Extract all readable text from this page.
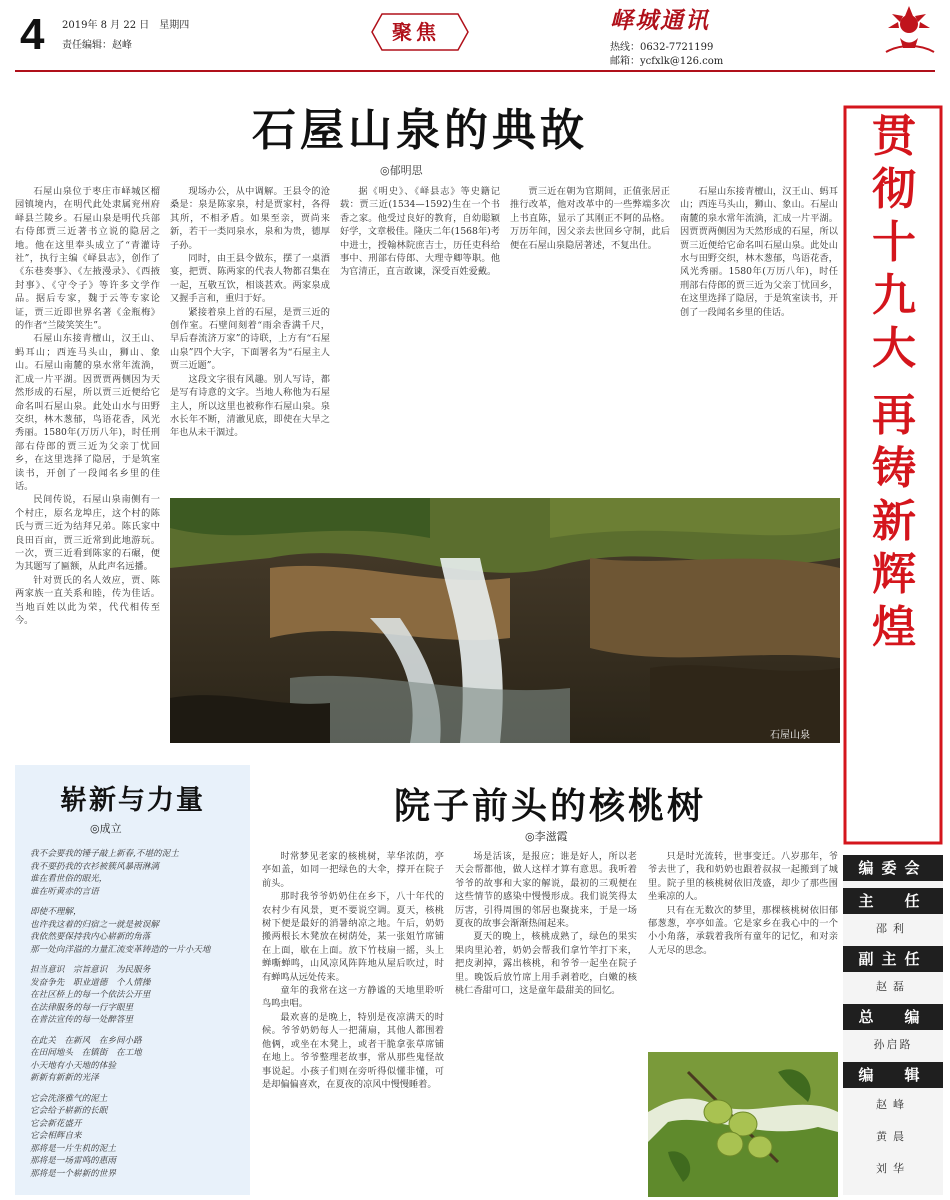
4 2019年 8 月 22 日　星期四
责任编辑：赵峰
聚焦	峄城通讯
热线：0632-7721199
邮箱：ycfxlk@126.com
石屋山泉的典故
◎郁明思

石屋山泉位于枣庄市峄城区榴园镇境内，在明代此处隶属兖州府峄县兰陵乡。石屋山泉是明代兵部右侍郎贾三近著书立说的隐居之地。他在这里奉头成立了“青灌诗社”，执行主编《峄县志》，创作了《东巷奏事》、《左掖漫录》、《西掖封事》、《守令子》等许多文学作品。据后专家，魏于云等专家论证，贾三近即世界名著《金瓶梅》的作者“兰陵笑笑生”。

石屋山东接青檀山，汉王山、蚂耳山；西连马头山，狮山、象山。石屋山南麓的泉水常年流淌，汇成一片平湖。因贾贾两侧因为天然形成的石屋，所以贾三近便给它命名叫石屋山泉。此处山水与田野交织，林木葱郁，鸟语花香，风光秀丽。1580年(万历八年)，时任刑部右侍郎的贾三近为父亲丁忧回乡，在这里选择了隐居，于是筑室读书，开创了一段闻名乡里的佳话。

民间传说，石屋山泉南侧有一个村庄，原名龙埠庄，这个村的陈氏与贾三近为结拜兄弟。陈氏家中良田百亩，贾三近常到此地游玩。一次，贾三近看到陈家的石碾，便为其题写了匾额，从此声名远播。

针对贾氏的名人效应，贾、陈两家族一直关系和睦，传为佳话。当地百姓以此为荣，代代相传至今。

现场办公，从中调解。王县令的沧桑是：泉是陈家泉，村是贾家村，各得其所，不相矛盾。如果至亲，贾尚来新，若干一类同泉水，泉和为贵，德厚子孙。

同时，由王县令做东，摆了一桌酒宴，把贾、陈两家的代表人物都召集在一起，互敬互饮，相谈甚欢。两家泉成又握手言和，重归于好。

紧接着泉上首的石屋，是贾三近的创作室。石壁间刻着“雨余香满千尺，早后春流济万家”的诗联，上方有“石屋山泉”四个大字，下面署名为“石屋主人贾三近题”。

这段文字很有风趣。别人写诗，都是写有诗意的文字。当地人称他为石屋主人，所以这里也被称作石屋山泉。泉水长年不断，清澈见底，即使在大旱之年也从未干涸过。

据《明史》、《峄县志》等史籍记载：贾三近(1534—1592)生在一个书香之家。他受过良好的教育，自幼聪颖好学，文章极佳。隆庆二年(1568年)考中进士，授翰林院庶吉士，历任吏科给事中、刑部右侍郎、大理寺卿等职。他为官清正，直言敢谏，深受百姓爱戴。

贾三近在朝为官期间，正值张居正推行改革，他对改革中的一些弊端多次上书直陈，显示了其刚正不阿的品格。万历年间，因父亲去世回乡守制，此后便在石屋山泉隐居著述，不复出仕。

石屋山东接青檀山，汉王山、蚂耳山；西连马头山，狮山、象山。石屋山南麓的泉水常年流淌，汇成一片平湖。因贾贾两侧因为天然形成的石屋，所以贾三近便给它命名叫石屋山泉。此处山水与田野交织，林木葱郁，鸟语花香，风光秀丽。1580年(万历八年)，时任刑部右侍郎的贾三近为父亲丁忧回乡，在这里选择了隐居，于是筑室读书，开创了一段闻名乡里的佳话。

石屋山泉
贯
彻
十
九
大
再
铸
新
辉
煌
崭新与力量
◎成立
我不会要我的锤子敲上新春,不堪的泥土
我不要扔我的衣衫被簇风暴雨淋漓
谁在看世俗的眼光，
谁在听黄赤的言语
即使不理解，
也许我这着的归宿之一就是被误解
我依然要保持我内心崭新的角落
那一处向洋溢的力量汇流变革铸造的一片小天地
担当意识　宗旨意识　为民服务
发奋争先　职业道德　个人情操
在社区桥上的每一个依法公开里
在法律服务的每一行字眼里
在普法宣传的每一处醉答里
在此关　在新风　在乡间小路
在田间地头　在镇街　在工地
小天地有小天地的体验
新新有新新的光泽
它会洗涤雅气的泥土
它会给予崭新的长眠
它会新花盛开
它会相辉自来
那将是一片生机的泥土
那将是一场雷鸣的惠雨
那将是一个崭新的世界
院子前头的核桃树
◎李滋霞

时常梦见老家的核桃树，苹华浓荫，亭亭如盖，如同一把绿色的大伞，撑开在院子前头。

那时我爷爷奶奶住在乡下，八十年代的农村少有风景，更不要说空调。夏天，核桃树下便是最好的消暑纳凉之地。午后，奶奶搬两根长木凳放在树荫处，某一张姐竹席铺在上面，歇在上面。放下竹枝扇一摇，头上蝉嘶蝉鸣，山风凉风阵阵地从屋后吹过，时有蝉鸣从远处传来。

童年的我常在这一方静谧的天地里聆听鸟鸣虫唱。

最欢喜的是晚上，特别是夜凉满天的时候。爷爷奶奶每人一把蒲扇，其他人都围着他俩，或坐在木凳上，或者干脆拿张草席铺在地上。爷爷整理老故事，常从那些鬼怪故事说起。小孩子们则在旁听得似懂非懂，可是却偏偏喜欢，在夏夜的凉风中慢慢睡着。

场是活该，是报应；谁是好人，所以老天会帮都他，做人这样才算有意思。我听着爷爷的故事和大家的解说，最初的三观便在这些情节的感染中慢慢形成。我们说笑得太厉害，引得周围的邻居也聚拢来，于是一场夏夜的故事会渐渐热闹起来。

夏天的晚上，核桃成熟了，绿色的果实果肉里沁着，奶奶会帮我们拿竹竿打下来，把皮剥掉，露出核桃，和爷爷一起坐在院子里。晚饭后放竹席上用手剥着吃，白嫩的核桃仁香甜可口，这是童年最甜美的回忆。

只是时光流转，世事变迁。八岁那年，爷爷去世了，我和奶奶也跟着叔叔一起搬到了城里。院子里的核桃树依旧茂盛，却少了那些围坐乘凉的人。

只有在无数次的梦里，那棵核桃树依旧郁郁葱葱，亭亭如盖。它是家乡在我心中的一个小小角落，承载着我所有童年的记忆，和对亲人无尽的思念。

编委会
主　任
邵利
副主任
赵磊
总　编
孙启路
编　辑
赵峰
黄晨
刘华
